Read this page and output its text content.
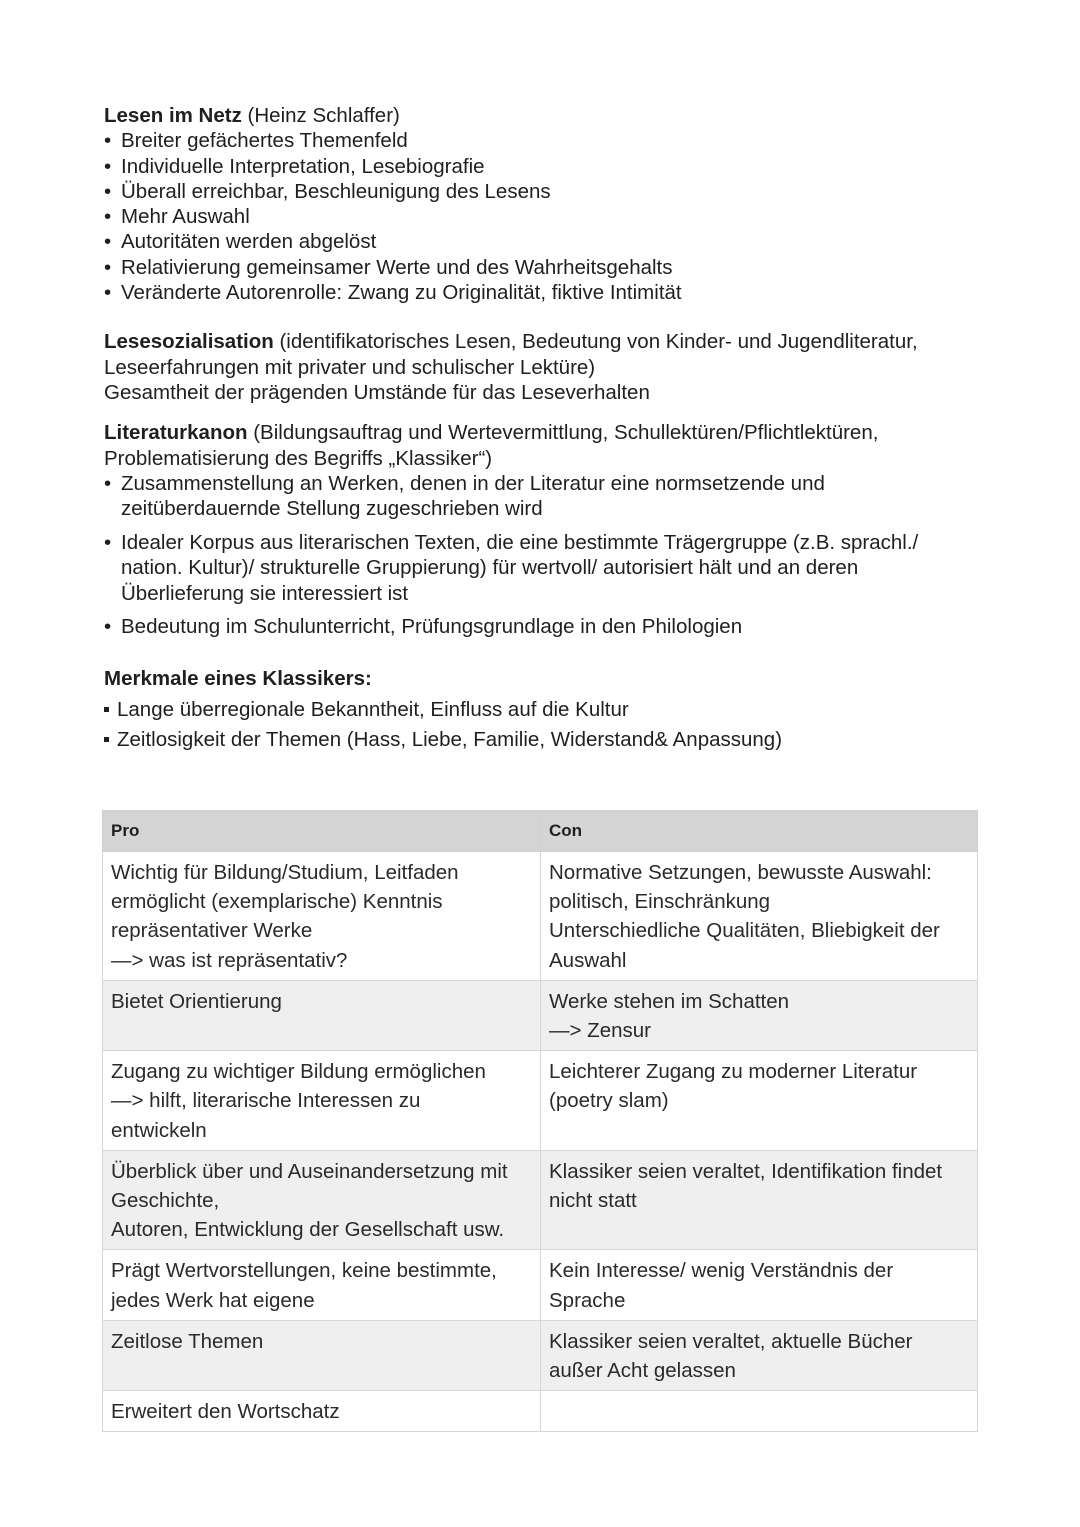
Lesen im Netz (Heinz Schlaffer)

• Breiter gefächertes Themenfeld
• Individuelle Interpretation, Lesebiografie
• Überall erreichbar, Beschleunigung des Lesens
• Mehr Auswahl
• Autoritäten werden abgelöst
• Relativierung gemeinsamer Werte und des Wahrheitsgehalts
• Veränderte Autorenrolle: Zwang zu Originalität, fiktive Intimität

Lesesozialisation (identifikatorisches Lesen, Bedeutung von Kinder- und Jugendliteratur, Leseerfahrungen mit privater und schulischer Lektüre)

Gesamtheit der prägenden Umstände für das Leseverhalten

Literaturkanon (Bildungsauftrag und Wertevermittlung, Schullektüren/Pflichtlektüren, Problematisierung des Begriffs „Klassiker“)

• Zusammenstellung an Werken, denen in der Literatur eine normsetzende und zeitüberdauernde Stellung zugeschrieben wird
• Idealer Korpus aus literarischen Texten, die eine bestimmte Trägergruppe (z.B. sprachl./ nation. Kultur)/ strukturelle Gruppierung) für wertvoll/ autorisiert hält und an deren Überlieferung sie interessiert ist
• Bedeutung im Schulunterricht, Prüfungsgrundlage in den Philologien

Merkmale eines Klassikers:

Lange überregionale Bekanntheit, Einfluss auf die Kultur
Zeitlosigkeit der Themen (Hass, Liebe, Familie, Widerstand& Anpassung)
Pro	Con

Wichtig für Bildung/Studium, Leitfaden
ermöglicht (exemplarische) Kenntnis
repräsentativer Werke
—> was ist repräsentativ?	Normative Setzungen, bewusste Auswahl:
politisch, Einschränkung
Unterschiedliche Qualitäten, Bliebigkeit der
Auswahl

Bietet Orientierung	Werke stehen im Schatten
—> Zensur

Zugang zu wichtiger Bildung ermöglichen
—> hilft, literarische Interessen zu
entwickeln	Leichterer Zugang zu moderner Literatur
(poetry slam)

Überblick über und Auseinandersetzung mit
Geschichte,
Autoren, Entwicklung der Gesellschaft usw.	Klassiker seien veraltet, Identifikation findet
nicht statt

Prägt Wertvorstellungen, keine bestimmte,
jedes Werk hat eigene	Kein Interesse/ wenig Verständnis der
Sprache

Zeitlose Themen	Klassiker seien veraltet, aktuelle Bücher
außer Acht gelassen

Erweitert den Wortschatz	
